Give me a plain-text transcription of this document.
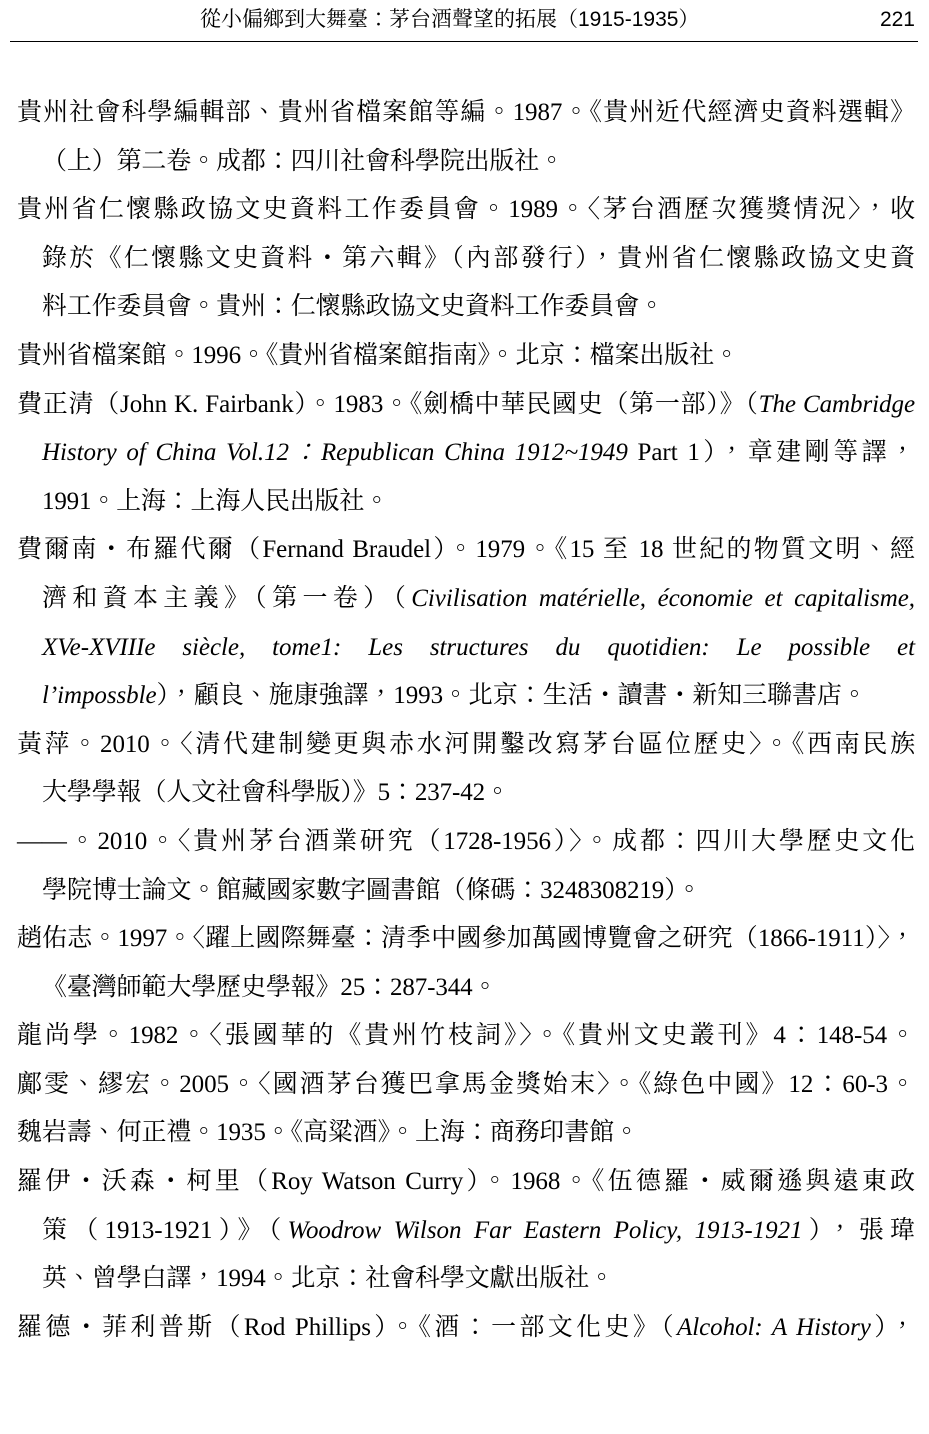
從小偏鄉到大舞臺：茅台酒聲望的拓展（1915-1935）	221
貴州社會科學編輯部、貴州省檔案館等編。1987。《貴州近代經濟史資料選輯》
（上）第二卷。成都：四川社會科學院出版社。
貴州省仁懷縣政協文史資料工作委員會。1989。〈茅台酒歷次獲獎情況〉，收
錄於《仁懷縣文史資料・第六輯》（內部發行），貴州省仁懷縣政協文史資
料工作委員會。貴州：仁懷縣政協文史資料工作委員會。
貴州省檔案館。1996。《貴州省檔案館指南》。北京：檔案出版社。
費正清（John K. Fairbank）。1983。《劍橋中華民國史（第一部）》（The Cambridge
History of China Vol.12：Republican China 1912~1949 Part 1），章建剛等譯，
1991。上海：上海人民出版社。
費爾南・布羅代爾（Fernand Braudel）。1979。《15 至 18 世紀的物質文明、經
濟和資本主義》（第一卷）（Civilisation matérielle, économie et capitalisme,
XVe-XVIIIe siècle, tome1: Les structures du quotidien: Le possible et
l’impossble），顧良、施康強譯，1993。北京：生活・讀書・新知三聯書店。
黃萍。2010。〈清代建制變更與赤水河開鑿改寫茅台區位歷史〉。《西南民族
大學學報（人文社會科學版）》5：237-42。
——。2010。〈貴州茅台酒業研究（1728-1956）〉。成都：四川大學歷史文化
學院博士論文。館藏國家數字圖書館（條碼：3248308219）。
趙佑志。1997。〈躍上國際舞臺：清季中國參加萬國博覽會之研究（1866-1911）〉，
《臺灣師範大學歷史學報》25：287-344。
龍尚學。1982。〈張國華的《貴州竹枝詞》〉。《貴州文史叢刊》4：148-54。
鄺雯、繆宏。2005。〈國酒茅台獲巴拿馬金獎始末〉。《綠色中國》12：60-3。
魏岩壽、何正禮。1935。《高粱酒》。上海：商務印書館。
羅伊・沃森・柯里（Roy Watson Curry）。1968。《伍德羅・威爾遜與遠東政
策（1913-1921）》（Woodrow Wilson Far Eastern Policy, 1913-1921），張瑋
英、曾學白譯，1994。北京：社會科學文獻出版社。
羅德・菲利普斯（Rod Phillips）。《酒：一部文化史》（Alcohol: A History），
